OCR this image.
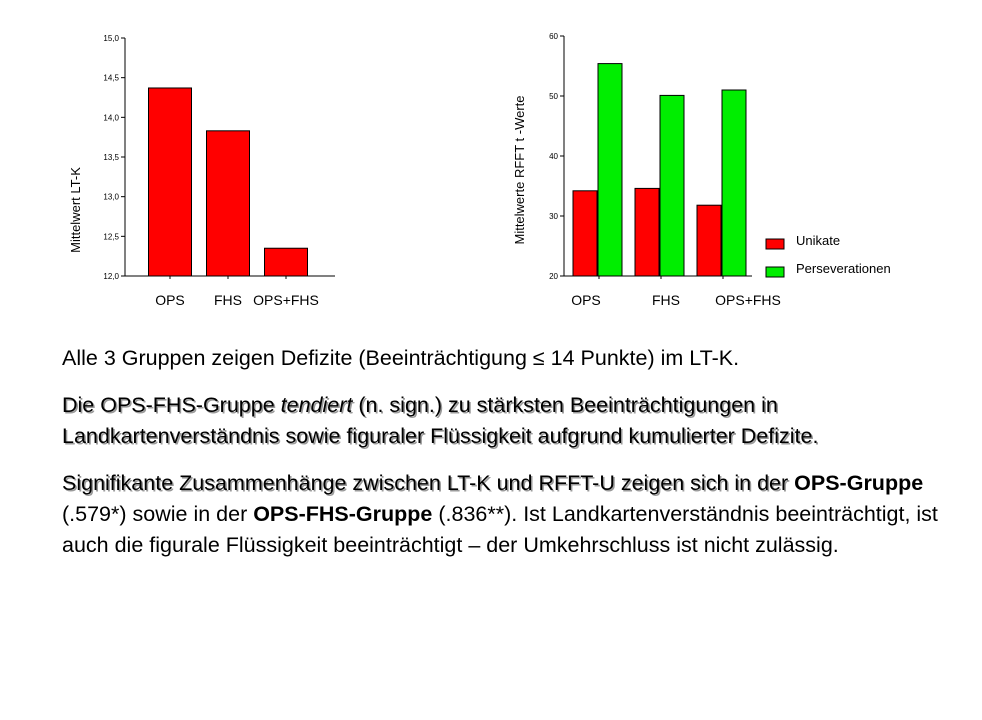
12,0
12,5
13,0
13,5
14,0
14,5
15,0
OPS FHS OPS+FHS
Mittelwert LT-K
20
30
40
50
60
OPS	FHS	OPS+FHS
Mittelwerte RFFT t -Werte	Unikate
Perseverationen

Alle 3 Gruppen zeigen Defizite (Beeinträchtigung ≤ 14 Punkte) im LT-K.

Die OPS-FHS-Gruppe tendiert (n. sign.) zu stärksten Beeinträchtigungen in Landkartenverständnis sowie figuraler Flüssigkeit aufgrund kumulierter Defizite.

Signifikante Zusammenhänge zwischen LT-K und RFFT-U zeigen sich in der OPS-Gruppe (.579*) sowie in der OPS-FHS-Gruppe (.836**). Ist Landkartenverständnis beeinträchtigt, ist auch die figurale Flüssigkeit beeinträchtigt – der Umkehrschluss ist nicht zulässig.
